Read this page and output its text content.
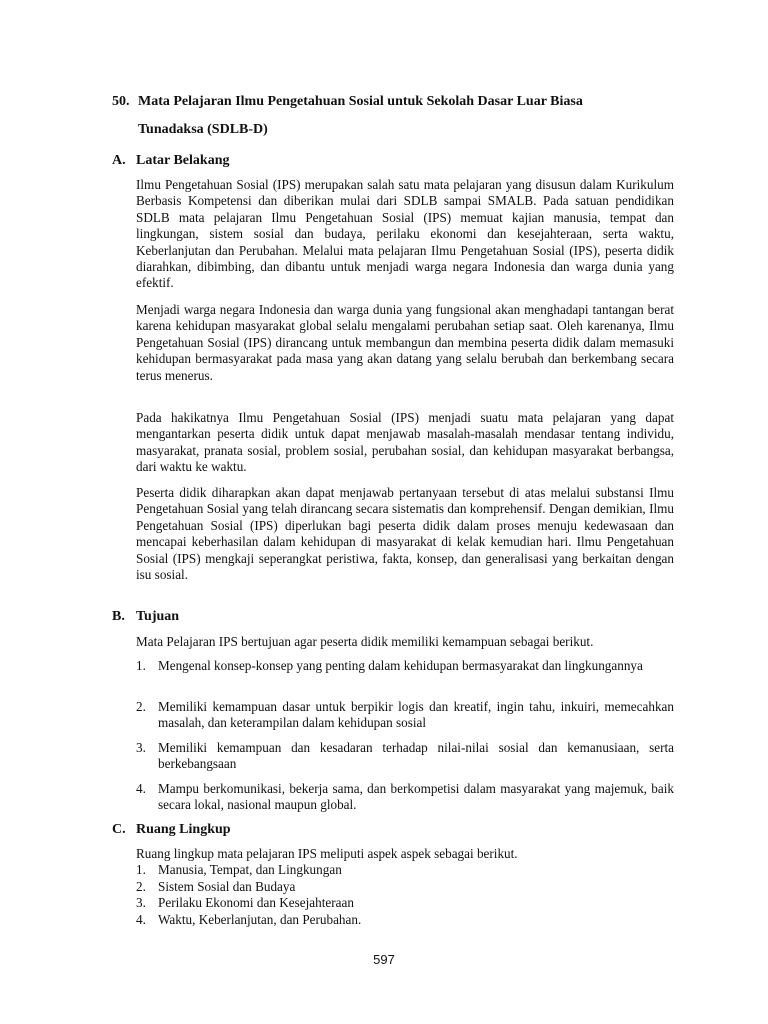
50. Mata Pelajaran Ilmu Pengetahuan Sosial untuk Sekolah Dasar Luar Biasa
Tunadaksa (SDLB-D)
A. Latar Belakang

Ilmu Pengetahuan Sosial (IPS) merupakan salah satu mata pelajaran yang disusun dalam Kurikulum Berbasis Kompetensi dan diberikan mulai dari SDLB sampai SMALB. Pada satuan pendidikan SDLB mata pelajaran Ilmu Pengetahuan Sosial (IPS) memuat kajian manusia, tempat dan lingkungan, sistem sosial dan budaya, perilaku ekonomi dan kesejahteraan, serta waktu, Keberlanjutan dan Perubahan. Melalui mata pelajaran Ilmu Pengetahuan Sosial (IPS), peserta didik diarahkan, dibimbing, dan dibantu untuk menjadi warga negara Indonesia dan warga dunia yang efektif.

Menjadi warga negara Indonesia dan warga dunia yang fungsional akan menghadapi tantangan berat karena kehidupan masyarakat global selalu mengalami perubahan setiap saat. Oleh karenanya, Ilmu Pengetahuan Sosial (IPS) dirancang untuk membangun dan membina peserta didik dalam memasuki kehidupan bermasyarakat pada masa yang akan datang yang selalu berubah dan berkembang secara terus menerus.

Pada hakikatnya Ilmu Pengetahuan Sosial (IPS) menjadi suatu mata pelajaran yang dapat mengantarkan peserta didik untuk dapat menjawab masalah-masalah mendasar tentang individu, masyarakat, pranata sosial, problem sosial, perubahan sosial, dan kehidupan masyarakat berbangsa, dari waktu ke waktu.

Peserta didik diharapkan akan dapat menjawab pertanyaan tersebut di atas melalui substansi Ilmu Pengetahuan Sosial yang telah dirancang secara sistematis dan komprehensif. Dengan demikian, Ilmu Pengetahuan Sosial (IPS) diperlukan bagi peserta didik dalam proses menuju kedewasaan dan mencapai keberhasilan dalam kehidupan di masyarakat di kelak kemudian hari. Ilmu Pengetahuan Sosial (IPS) mengkaji seperangkat peristiwa, fakta, konsep, dan generalisasi yang berkaitan dengan isu sosial.

B. Tujuan

Mata Pelajaran IPS bertujuan agar peserta didik memiliki kemampuan sebagai berikut.

1. Mengenal konsep-konsep yang penting dalam kehidupan bermasyarakat dan lingkungannya
2. Memiliki kemampuan dasar untuk berpikir logis dan kreatif, ingin tahu, inkuiri, memecahkan masalah, dan keterampilan dalam kehidupan sosial
3. Memiliki kemampuan dan kesadaran terhadap nilai-nilai sosial dan kemanusiaan, serta berkebangsaan
4. Mampu berkomunikasi, bekerja sama, dan berkompetisi dalam masyarakat yang majemuk, baik secara lokal, nasional maupun global.
C. Ruang Lingkup
Ruang lingkup mata pelajaran IPS meliputi aspek aspek sebagai berikut.
1. Manusia, Tempat, dan Lingkungan
2. Sistem Sosial dan Budaya
3. Perilaku Ekonomi dan Kesejahteraan
4. Waktu, Keberlanjutan, dan Perubahan.
597
